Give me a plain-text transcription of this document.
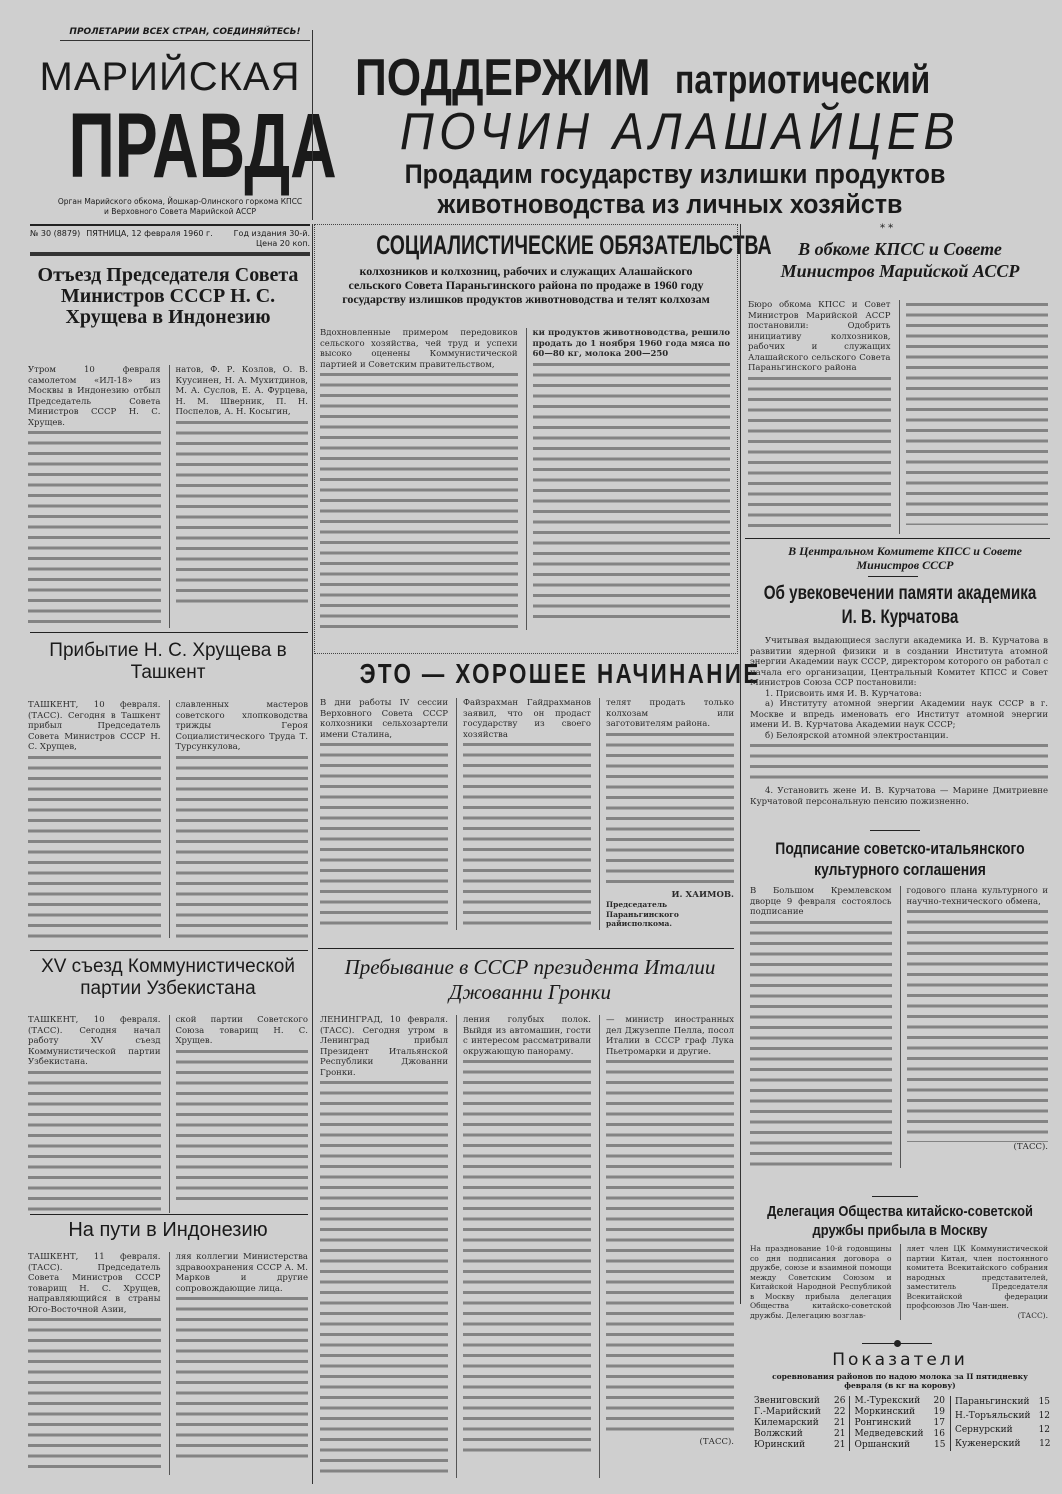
ПРОЛЕТАРИИ ВСЕХ СТРАН, СОЕДИНЯЙТЕСЬ!
МАРИЙСКАЯ
ПРАВДА
Орган Марийского обкома, Йошкар-Олинского горкома КПСС и Верховного Совета Марийской АССР
№ 30 (8879) ПЯТНИЦА, 12 февраля 1960 г.	Год издания 30-й.
Цена 20 коп.
ПОДДЕРЖИМ патриотический
ПОЧИН АЛАШАЙЦЕВ
Продадим государству излишки продуктов
животноводства из личных хозяйств
СОЦИАЛИСТИЧЕСКИЕ ОБЯЗАТЕЛЬСТВА
колхозников и колхозниц, рабочих и служащих Алашайского сельского Совета Параньгинского района по продаже в 1960 году государству излишков продуктов животноводства и телят колхозам
Вдохновленные примером передовиков сельского хозяйства, чей труд и успехи высоко оценены Коммунистической партией и Советским правительством,
ки продуктов животноводства, решило продать до 1 ноября 1960 года мяса по 60—80 кг, молока 200—250
* *
В обкоме КПСС и Совете Министров Марийской АССР
Бюро обкома КПСС и Совет Министров Марийской АССР постановили: Одобрить инициативу колхозников, рабочих и служащих Алашайского сельского Совета Параньгинского района
Отъезд Председателя Совета Министров СССР Н. С. Хрущева в Индонезию
Утром 10 февраля самолетом «ИЛ-18» из Москвы в Индонезию отбыл Председатель Совета Министров СССР Н. С. Хрущев.
натов, Ф. Р. Козлов, О. В. Куусинен, Н. А. Мухитдинов, М. А. Суслов, Е. А. Фурцева, Н. М. Шверник, П. Н. Поспелов, А. Н. Косыгин,
Прибытие Н. С. Хрущева в Ташкент
ТАШКЕНТ, 10 февраля. (ТАСС). Сегодня в Ташкент прибыл Председатель Совета Министров СССР Н. С. Хрущев,
славленных мастеров советского хлопководства трижды Героя Социалистического Труда Т. Турсункулова,
XV съезд Коммунистической партии Узбекистана
ТАШКЕНТ, 10 февраля. (ТАСС). Сегодня начал работу XV съезд Коммунистической партии Узбекистана.
ской партии Советского Союза товарищ Н. С. Хрущев.
На пути в Индонезию
ТАШКЕНТ, 11 февраля. (ТАСС). Председатель Совета Министров СССР товарищ Н. С. Хрущев, направляющийся в страны Юго-Восточной Азии,
ляя коллегии Министерства здравоохранения СССР А. М. Марков и другие сопровождающие лица.
ЭТО — ХОРОШЕЕ НАЧИНАНИЕ
В дни работы IV сессии Верховного Совета СССР колхозники сельхозартели имени Сталина,
Файзрахман Гайдрахманов заявил, что он продаст государству из своего хозяйства
телят продать только колхозам или заготовителям района.
И. ХАИМОВ.
Председатель Параньгинского райисполкома.
Пребывание в СССР президента Италии Джованни Гронки
ЛЕНИНГРАД, 10 февраля. (ТАСС). Сегодня утром в Ленинград прибыл Президент Итальянской Республики Джованни Гронки.
ления голубых полок. Выйдя из автомашин, гости с интересом рассматривали окружающую панораму.
— министр иностранных дел Джузеппе Пелла, посол Италии в СССР граф Лука Пьетромарки и другие.
(ТАСС).
В Центральном Комитете КПСС и Совете Министров СССР
Об увековечении памяти академика И. В. Курчатова
Учитывая выдающиеся заслуги академика И. В. Курчатова в развитии ядерной физики и в создании Института атомной энергии Академии наук СССР, директором которого он работал с начала его организации, Центральный Комитет КПСС и Совет Министров Союза ССР постановили:
1. Присвоить имя И. В. Курчатова:
а) Институту атомной энергии Академии наук СССР в г. Москве и впредь именовать его Институт атомной энергии имени И. В. Курчатова Академии наук СССР;
б) Белоярской атомной электростанции.
4. Установить жене И. В. Курчатова — Марине Дмитриевне Курчатовой персональную пенсию пожизненно.
Подписание советско-итальянского культурного соглашения
В Большом Кремлевском дворце 9 февраля состоялось подписание
годового плана культурного и научно-технического обмена,
(ТАСС).
Делегация Общества китайско-советской дружбы прибыла в Москву
На празднование 10-й годовщины со дня подписания договора о дружбе, союзе и взаимной помощи между Советским Союзом и Китайской Народной Республикой в Москву прибыла делегация Общества китайско-советской дружбы. Делегацию возглав-
ляет член ЦК Коммунистической партии Китая, член постоянного комитета Всекитайского собрания народных представителей, заместитель Председателя Всекитайской федерации профсоюзов Лю Чан-шен.
(ТАСС).
Показатели
соревнования районов по надою молока за II пятидневку февраля (в кг на корову)
Звениговский	26
Г.-Марийский	22
Килемарский	21
Волжский	21
Юринский	21
М.-Турекский	20
Моркинский	19
Ронгинский	17
Медведевский	16
Оршанский	15
Параньгинский	15
Н.-Торъяльский	12
Сернурский	12
Куженерский	12
